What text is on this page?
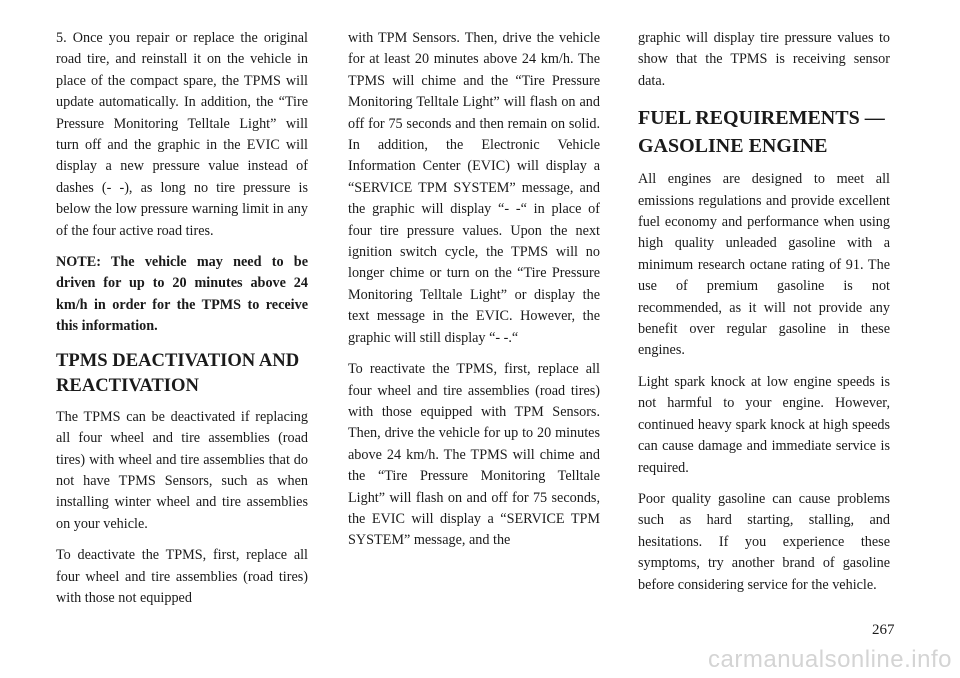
5. Once you repair or replace the original road tire, and reinstall it on the vehicle in place of the compact spare, the TPMS will update automatically. In addition, the “Tire Pressure Monitoring Telltale Light” will turn off and the graphic in the EVIC will display a new pressure value instead of dashes (- -), as long no tire pressure is below the low pressure warning limit in any of the four active road tires.

NOTE: The vehicle may need to be driven for up to 20 minutes above 24 km/h in order for the TPMS to receive this information.

TPMS DEACTIVATION AND REACTIVATION

The TPMS can be deactivated if replacing all four wheel and tire assemblies (road tires) with wheel and tire assemblies that do not have TPMS Sensors, such as when installing winter wheel and tire assemblies on your vehicle.

To deactivate the TPMS, first, replace all four wheel and tire assemblies (road tires) with those not equipped

with TPM Sensors. Then, drive the vehicle for at least 20 minutes above 24 km/h. The TPMS will chime and the “Tire Pressure Monitoring Telltale Light” will flash on and off for 75 seconds and then remain on solid. In addition, the Electronic Vehicle Information Center (EVIC) will display a “SERVICE TPM SYSTEM” message, and the graphic will display “- -“ in place of four tire pressure values. Upon the next ignition switch cycle, the TPMS will no longer chime or turn on the “Tire Pressure Monitoring Telltale Light” or display the text message in the EVIC. However, the graphic will still display “- -.“

To reactivate the TPMS, first, replace all four wheel and tire assemblies (road tires) with those equipped with TPM Sensors. Then, drive the vehicle for up to 20 minutes above 24 km/h. The TPMS will chime and the “Tire Pressure Monitoring Telltale Light” will flash on and off for 75 seconds, the EVIC will display a “SERVICE TPM SYSTEM” message, and the

graphic will display tire pressure values to show that the TPMS is receiving sensor data.

FUEL REQUIREMENTS — GASOLINE ENGINE

All engines are designed to meet all emissions regulations and provide excellent fuel economy and performance when using high quality unleaded gasoline with a minimum research octane rating of 91. The use of premium gasoline is not recommended, as it will not provide any benefit over regular gasoline in these engines.

Light spark knock at low engine speeds is not harmful to your engine. However, continued heavy spark knock at high speeds can cause damage and immediate service is required.

Poor quality gasoline can cause problems such as hard starting, stalling, and hesitations. If you experience these symptoms, try another brand of gasoline before considering service for the vehicle.

267
carmanualsonline.info
